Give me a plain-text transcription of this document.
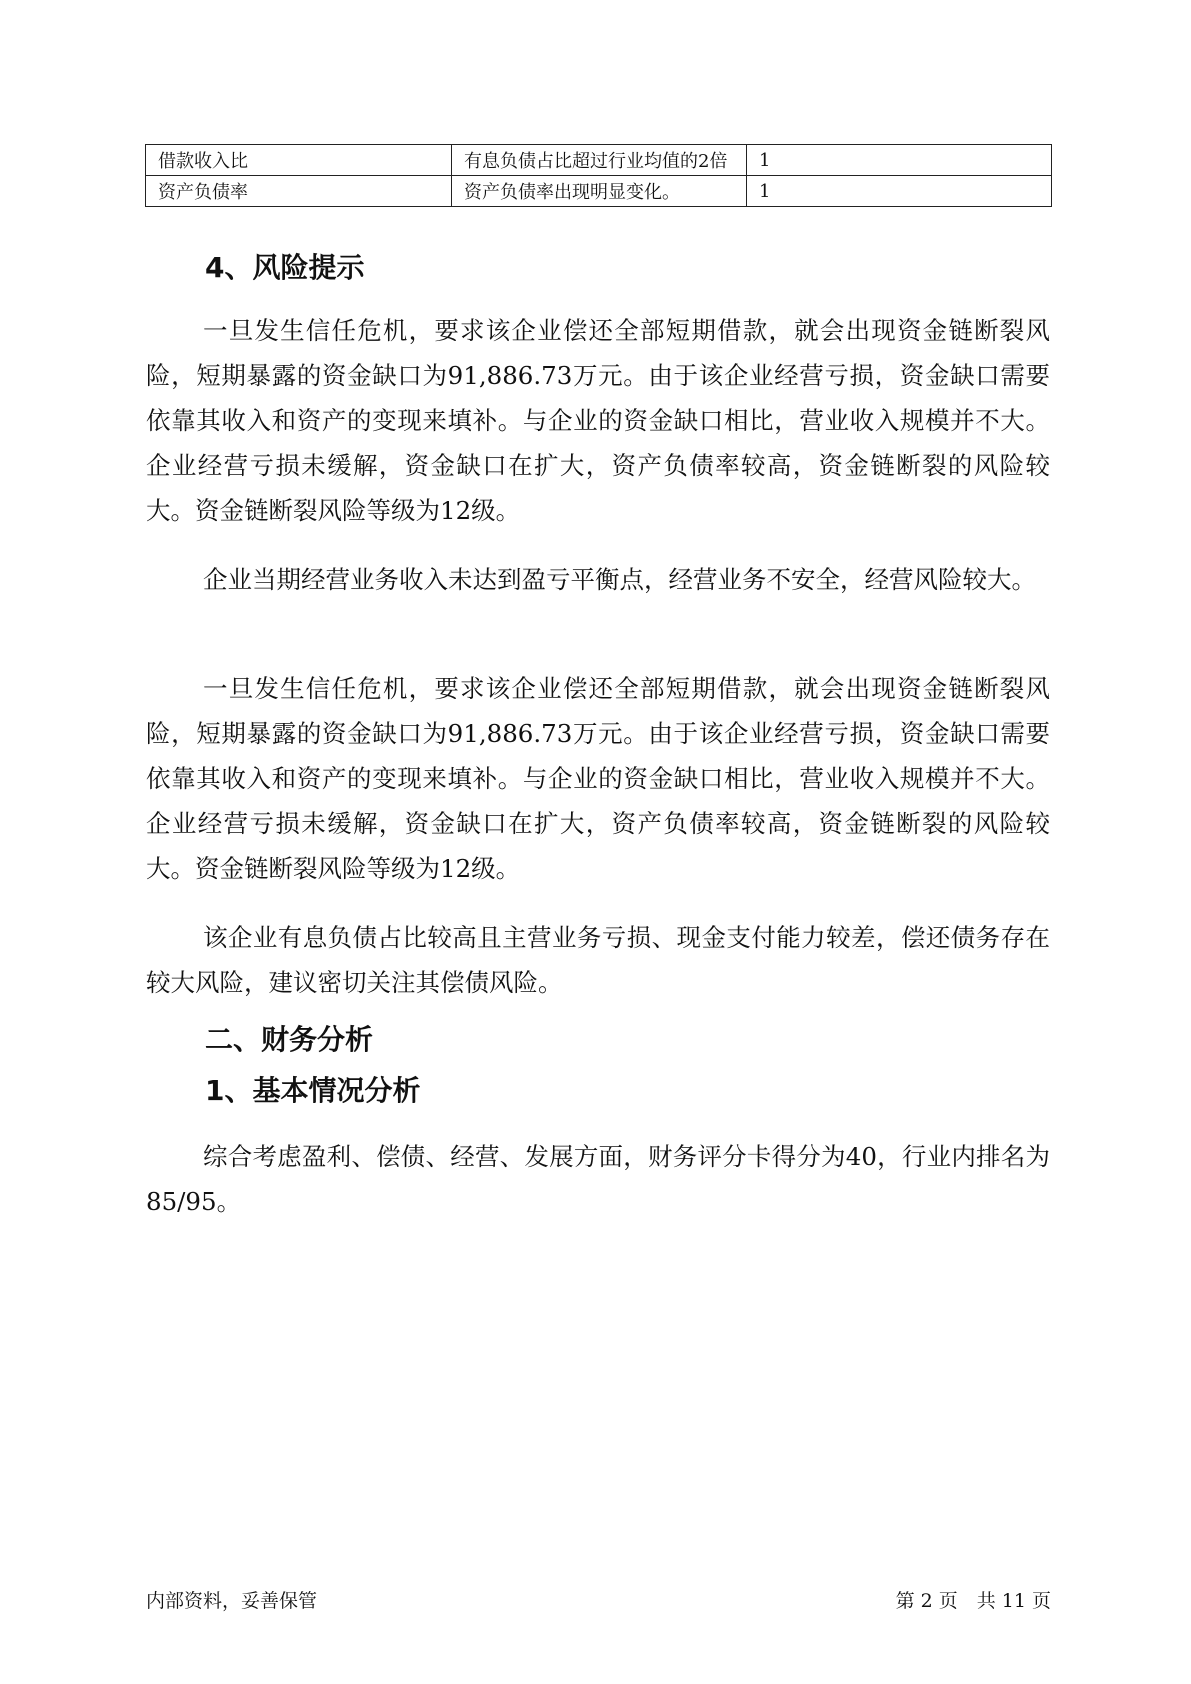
借款收入比	有息负债占比超过行业均值的2倍	1
资产负债率	资产负债率出现明显变化。	1
4、风险提示

一旦发生信任危机，要求该企业偿还全部短期借款，就会出现资金链断裂风险，短期暴露的资金缺口为91,886.73万元。由于该企业经营亏损，资金缺口需要依靠其收入和资产的变现来填补。与企业的资金缺口相比，营业收入规模并不大。企业经营亏损未缓解，资金缺口在扩大，资产负债率较高，资金链断裂的风险较大。资金链断裂风险等级为12级。

企业当期经营业务收入未达到盈亏平衡点，经营业务不安全，经营风险较大。

一旦发生信任危机，要求该企业偿还全部短期借款，就会出现资金链断裂风险，短期暴露的资金缺口为91,886.73万元。由于该企业经营亏损，资金缺口需要依靠其收入和资产的变现来填补。与企业的资金缺口相比，营业收入规模并不大。企业经营亏损未缓解，资金缺口在扩大，资产负债率较高，资金链断裂的风险较大。资金链断裂风险等级为12级。

该企业有息负债占比较高且主营业务亏损、现金支付能力较差，偿还债务存在较大风险，建议密切关注其偿债风险。

二、财务分析
1、基本情况分析

综合考虑盈利、偿债、经营、发展方面，财务评分卡得分为40，行业内排名为85/95。

内部资料，妥善保管	第 2 页　共 11 页
